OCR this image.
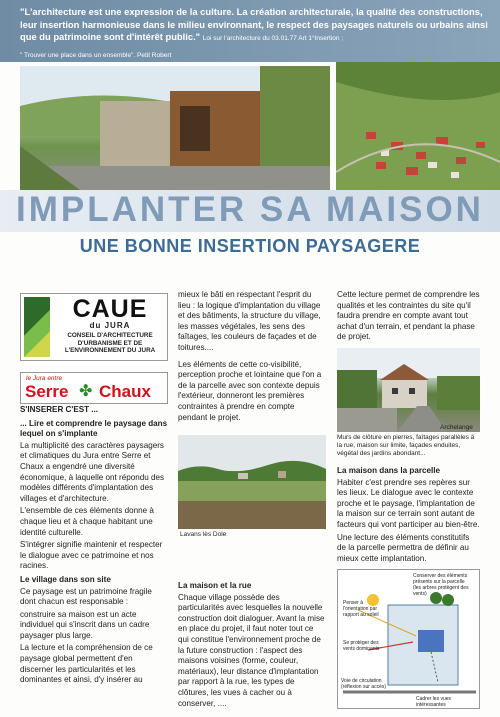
"L'architecture est une expression de la culture. La création architecturale, la qualité des constructions, leur insertion harmonieuse dans le milieu environnant, le respect des paysages naturels ou urbains ainsi que du patrimoine sont d'intérêt public." Loi sur l'architecture du 03.01.77 Art 1°Insertion ;
" Trouver une place dans un ensemble". Petit Robert
IMPLANTER SA MAISON
UNE BONNE INSERTION PAYSAGERE
CAUE
du JURA
CONSEIL D'ARCHITECTURE D'URBANISME ET DE L'ENVIRONNEMENT DU JURA
le Jura entre
Serre ✤ Chaux
S'INSERER C'EST ...
... Lire et comprendre le paysage dans lequel on s'implante

La multiplicité des caractères paysagers et climatiques du Jura entre Serre et Chaux a engendré une diversité économique, à laquelle ont répondu des modèles différents d'implantation des villages et d'architecture.

L'ensemble de ces éléments donne à chaque lieu et à chaque habitant une identité culturelle.

S'intégrer signifie maintenir et respecter le dialogue avec ce patrimoine et nos racines.

Le village dans son site

Ce paysage est un patrimoine fragile dont chacun est responsable :

construire sa maison est un acte individuel qui s'inscrit dans un cadre paysager plus large.

La lecture et la compréhension de ce paysage global permettent d'en discerner les particularités et les dominantes et ainsi, d'y insérer au

mieux le bâti en respectant l'esprit du lieu : la logique d'implantation du village et des bâtiments, la structure du village, les masses végétales, les sens des faîtages, les couleurs de façades et de toitures....

Les éléments de cette co-visibilité, perception proche et lointaine que l'on a de la parcelle avec son contexte depuis l'extérieur, donneront les premières contraintes à prendre en compte pendant le projet.

Lavans lès Dole
La maison et la rue

Chaque village possède des particularités avec lesquelles la nouvelle construction doit dialoguer. Avant la mise en place du projet, il faut noter tout ce qui constitue l'environnement proche de la future construction : l'aspect des maisons voisines (forme, couleur, matériaux), leur distance d'implantation par rapport à la rue, les types de clôtures, les vues à cacher ou à conserver, ....

Cette lecture permet de comprendre les qualités et les contraintes du site qu'il faudra prendre en compte avant tout achat d'un terrain, et pendant la phase de projet.

Archelange
Murs de clôture en pierres, faîtages parallèles à la rue, maison sur limite, façades enduites, végétal des jardins abondant...
La maison dans la parcelle

Habiter c'est prendre ses repères sur les lieux. Le dialogue avec le contexte proche et le paysage, l'implantation de la maison sur ce terrain sont autant de facteurs qui vont participer au bien-être.

Une lecture des éléments constitutifs de la parcelle permettra de définir au mieux cette implantation.

Conserver des éléments présents sur la parcelle (les arbres protègent des vents)
Penser à l'orientation par rapport au soleil
Se protéger des vents dominants
Voie de circulation (réflexion sur accès)
Cadrer les vues intéressantes
